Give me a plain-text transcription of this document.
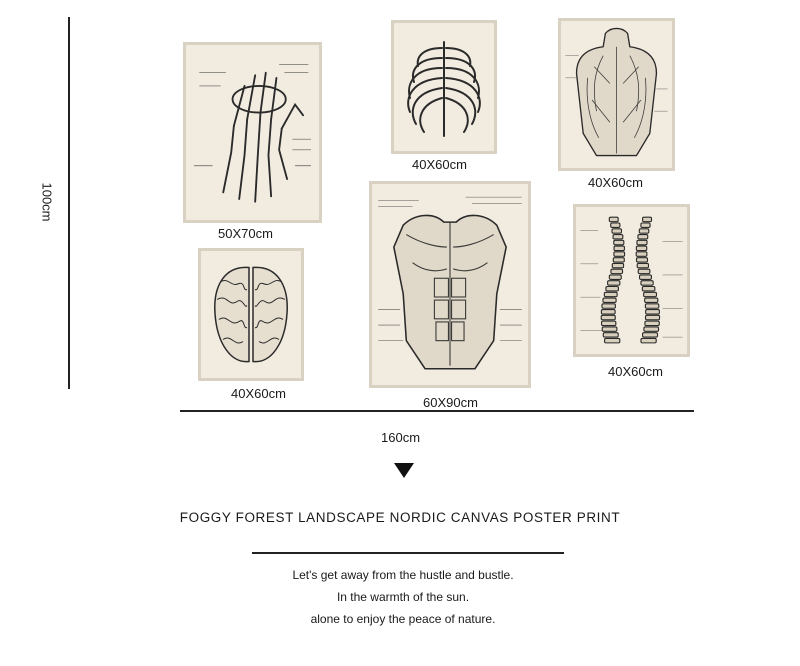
100cm
50X70cm
40X60cm
40X60cm
40X60cm
60X90cm
40X60cm
160cm
FOGGY FOREST LANDSCAPE NORDIC CANVAS POSTER PRINT
Let's get away from the hustle and bustle.
In the warmth of the sun.
alone to enjoy the peace of nature.
